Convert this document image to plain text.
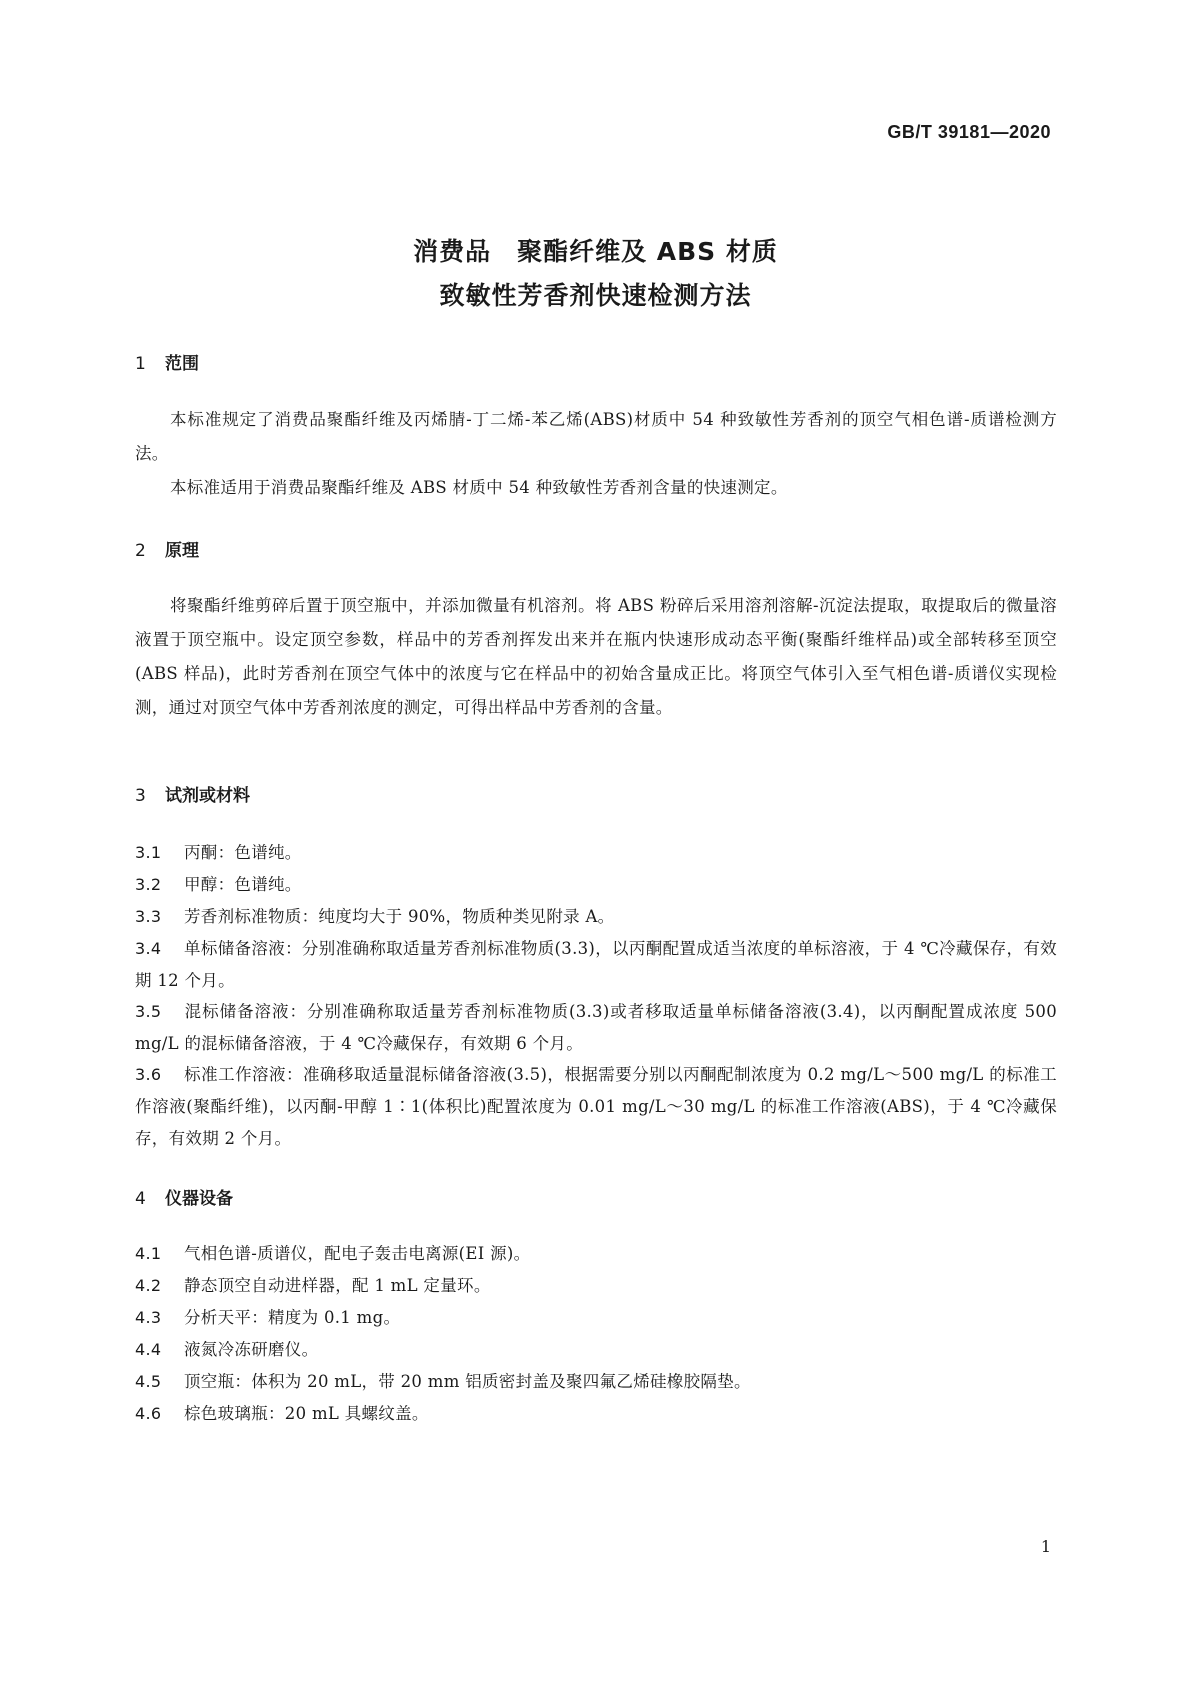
GB/T 39181—2020
消费品　聚酯纤维及 ABS 材质
致敏性芳香剂快速检测方法
1 范围
本标准规定了消费品聚酯纤维及丙烯腈-丁二烯-苯乙烯(ABS)材质中 54 种致敏性芳香剂的顶空气相色谱-质谱检测方法。
本标准适用于消费品聚酯纤维及 ABS 材质中 54 种致敏性芳香剂含量的快速测定。
2 原理
将聚酯纤维剪碎后置于顶空瓶中，并添加微量有机溶剂。将 ABS 粉碎后采用溶剂溶解-沉淀法提取，取提取后的微量溶液置于顶空瓶中。设定顶空参数，样品中的芳香剂挥发出来并在瓶内快速形成动态平衡(聚酯纤维样品)或全部转移至顶空(ABS 样品)，此时芳香剂在顶空气体中的浓度与它在样品中的初始含量成正比。将顶空气体引入至气相色谱-质谱仪实现检测，通过对顶空气体中芳香剂浓度的测定，可得出样品中芳香剂的含量。
3 试剂或材料
3.1 丙酮：色谱纯。
3.2 甲醇：色谱纯。
3.3 芳香剂标准物质：纯度均大于 90%，物质种类见附录 A。
3.4 单标储备溶液：分别准确称取适量芳香剂标准物质(3.3)，以丙酮配置成适当浓度的单标溶液，于 4 ℃冷藏保存，有效期 12 个月。
3.5 混标储备溶液：分别准确称取适量芳香剂标准物质(3.3)或者移取适量单标储备溶液(3.4)，以丙酮配置成浓度 500 mg/L 的混标储备溶液，于 4 ℃冷藏保存，有效期 6 个月。
3.6 标准工作溶液：准确移取适量混标储备溶液(3.5)，根据需要分别以丙酮配制浓度为 0.2 mg/L～500 mg/L 的标准工作溶液(聚酯纤维)，以丙酮-甲醇 1∶1(体积比)配置浓度为 0.01 mg/L～30 mg/L 的标准工作溶液(ABS)，于 4 ℃冷藏保存，有效期 2 个月。
4 仪器设备
4.1 气相色谱-质谱仪，配电子轰击电离源(EI 源)。
4.2 静态顶空自动进样器，配 1 mL 定量环。
4.3 分析天平：精度为 0.1 mg。
4.4 液氮冷冻研磨仪。
4.5 顶空瓶：体积为 20 mL，带 20 mm 铝质密封盖及聚四氟乙烯硅橡胶隔垫。
4.6 棕色玻璃瓶：20 mL 具螺纹盖。
1
